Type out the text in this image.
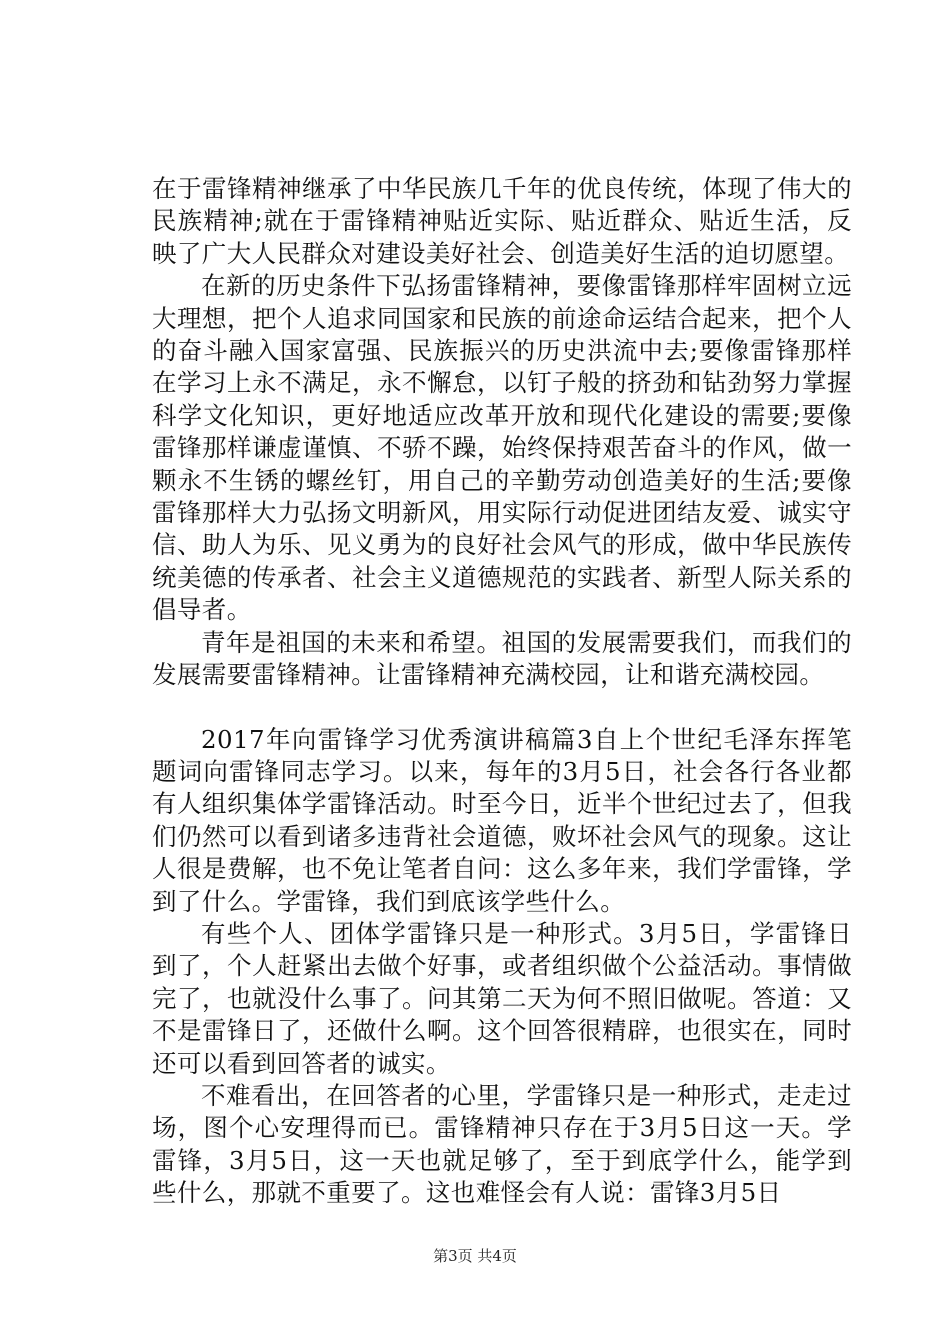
在于雷锋精神继承了中华民族几千年的优良传统，体现了伟大的民族精神;就在于雷锋精神贴近实际、贴近群众、贴近生活，反映了广大人民群众对建设美好社会、创造美好生活的迫切愿望。

在新的历史条件下弘扬雷锋精神，要像雷锋那样牢固树立远大理想，把个人追求同国家和民族的前途命运结合起来，把个人的奋斗融入国家富强、民族振兴的历史洪流中去;要像雷锋那样在学习上永不满足，永不懈怠，以钉子般的挤劲和钻劲努力掌握科学文化知识，更好地适应改革开放和现代化建设的需要;要像雷锋那样谦虚谨慎、不骄不躁，始终保持艰苦奋斗的作风，做一颗永不生锈的螺丝钉，用自己的辛勤劳动创造美好的生活;要像雷锋那样大力弘扬文明新风，用实际行动促进团结友爱、诚实守信、助人为乐、见义勇为的良好社会风气的形成，做中华民族传统美德的传承者、社会主义道德规范的实践者、新型人际关系的倡导者。

青年是祖国的未来和希望。祖国的发展需要我们，而我们的发展需要雷锋精神。让雷锋精神充满校园，让和谐充满校园。

2017年向雷锋学习优秀演讲稿篇3自上个世纪毛泽东挥笔题词向雷锋同志学习。以来，每年的3月5日，社会各行各业都有人组织集体学雷锋活动。时至今日，近半个世纪过去了，但我们仍然可以看到诸多违背社会道德，败坏社会风气的现象。这让人很是费解，也不免让笔者自问：这么多年来，我们学雷锋，学到了什么。学雷锋，我们到底该学些什么。

有些个人、团体学雷锋只是一种形式。3月5日，学雷锋日到了，个人赶紧出去做个好事，或者组织做个公益活动。事情做完了，也就没什么事了。问其第二天为何不照旧做呢。答道：又不是雷锋日了，还做什么啊。这个回答很精辟，也很实在，同时还可以看到回答者的诚实。

不难看出，在回答者的心里，学雷锋只是一种形式，走走过场，图个心安理得而已。雷锋精神只存在于3月5日这一天。学雷锋，3月5日，这一天也就足够了，至于到底学什么，能学到些什么，那就不重要了。这也难怪会有人说：雷锋3月5日

第3页 共4页
